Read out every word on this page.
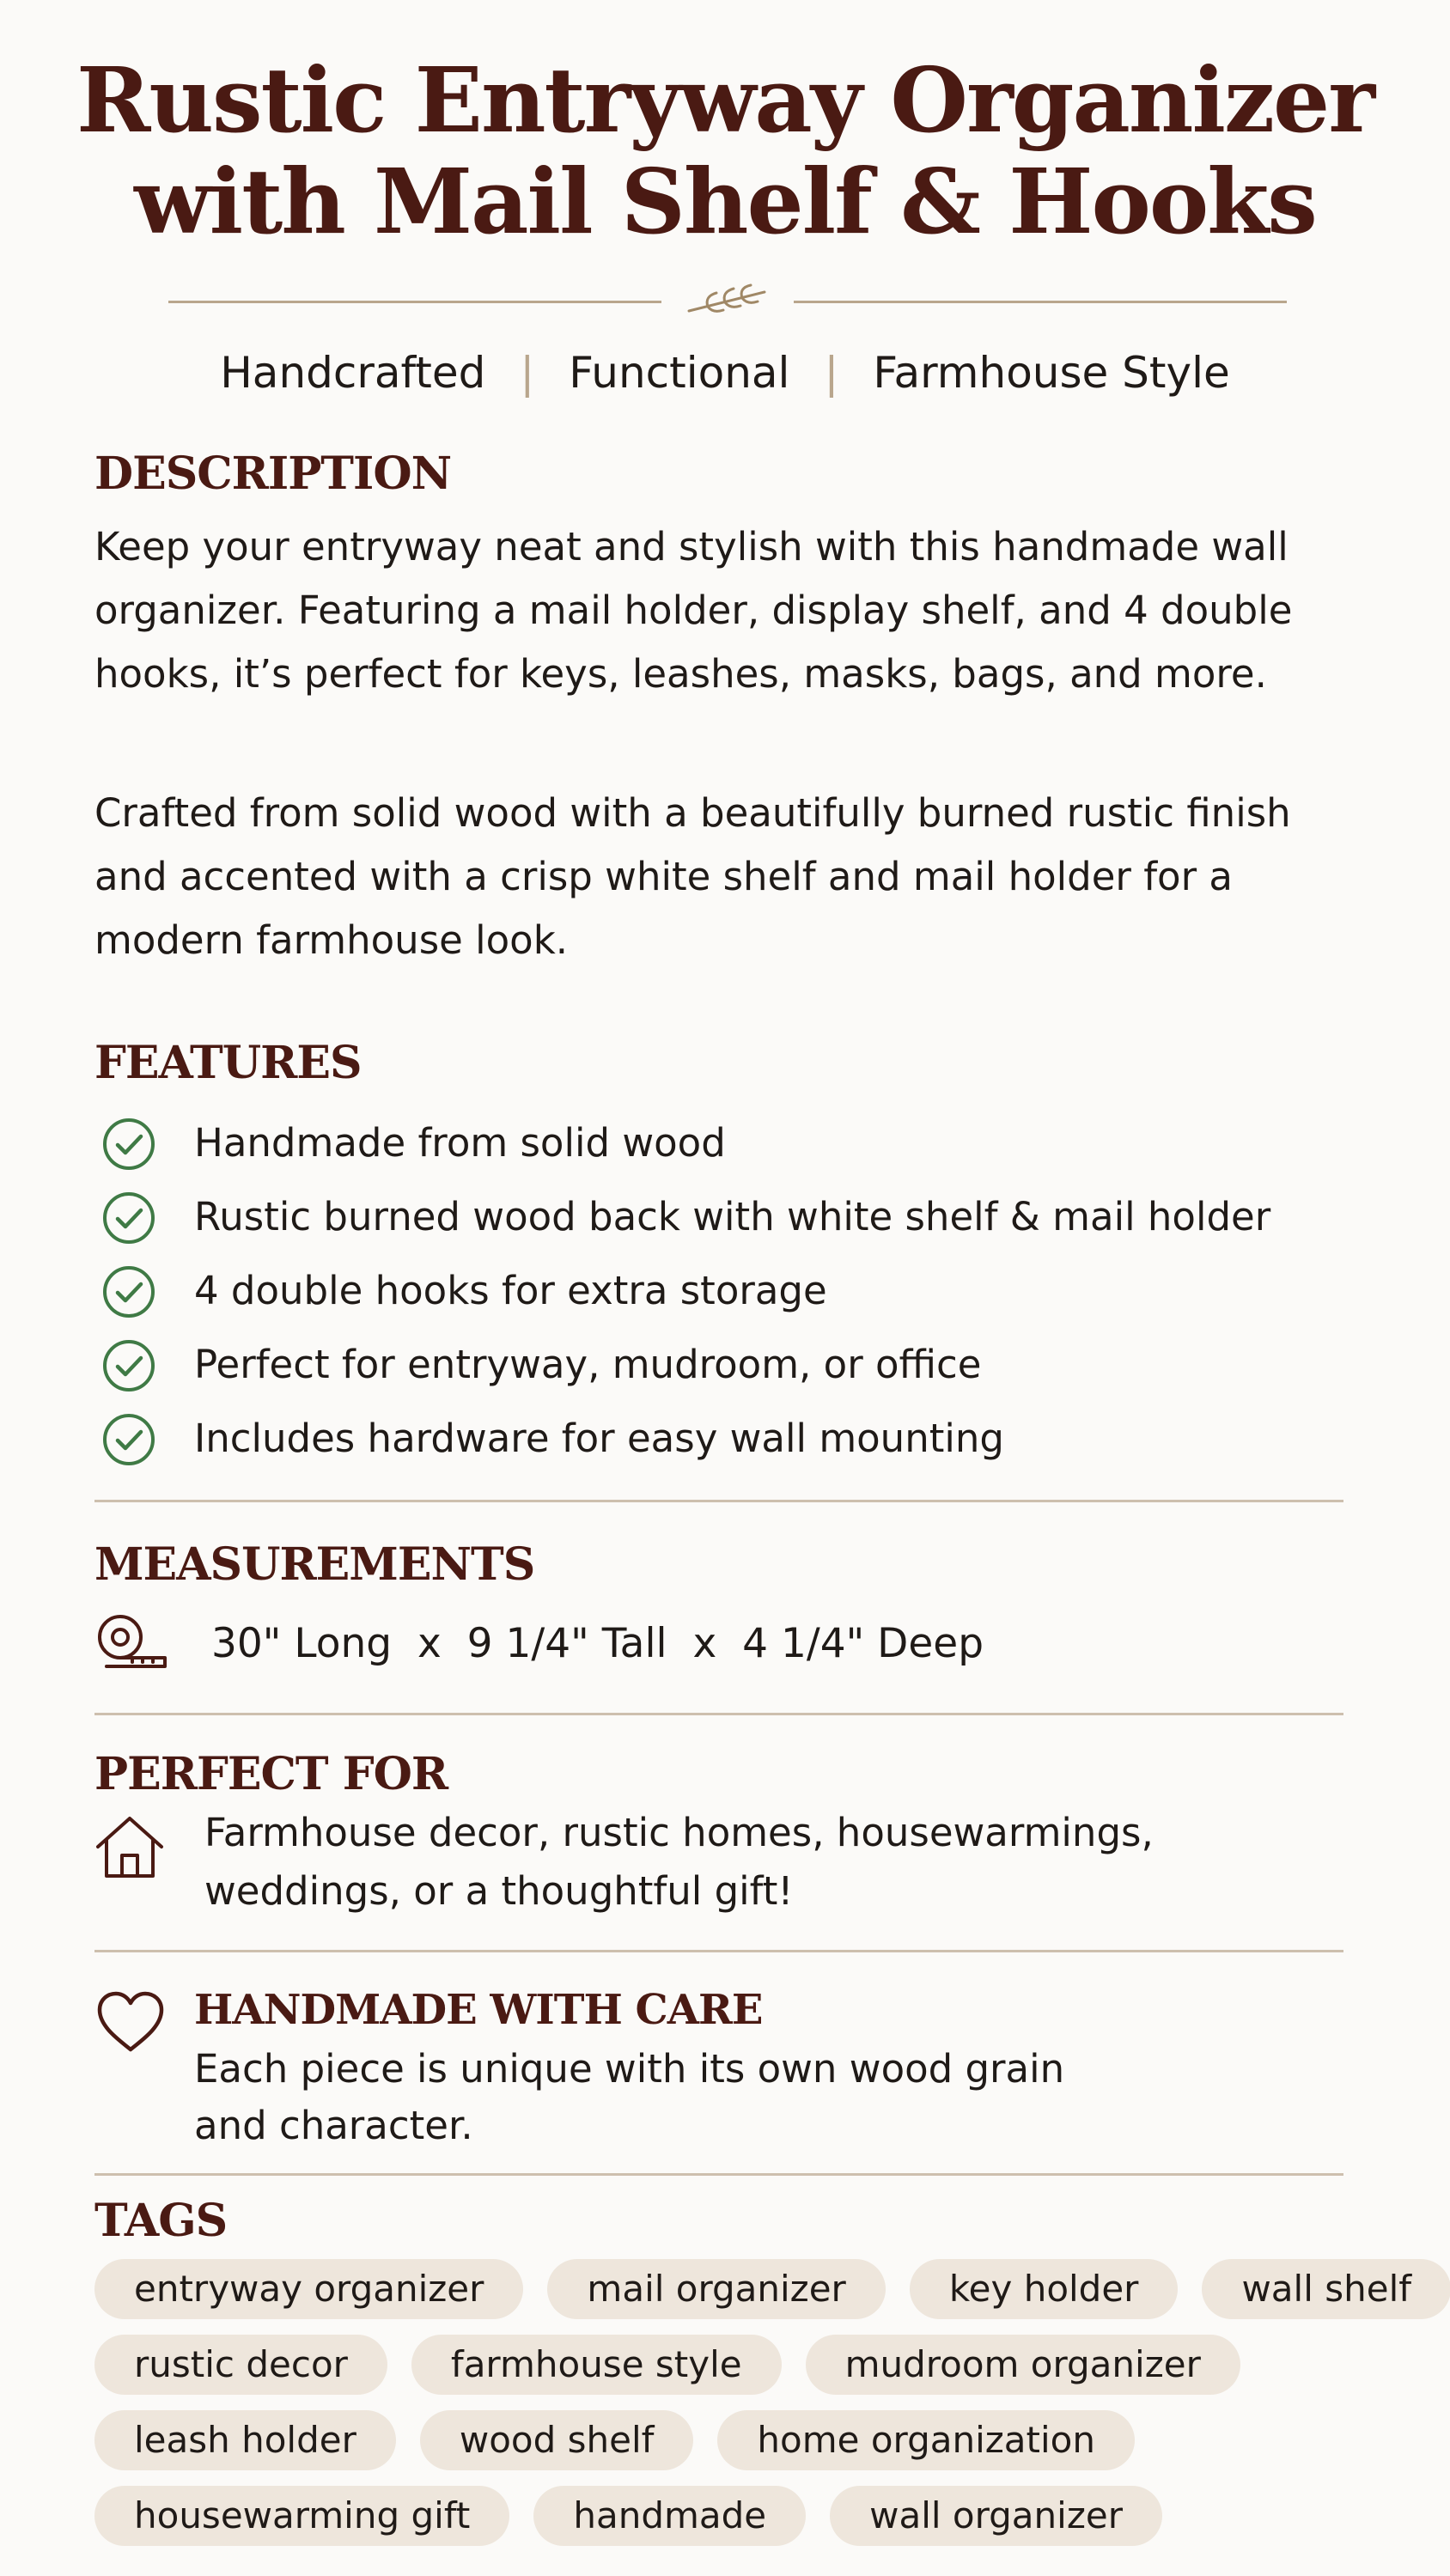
Rustic Entryway Organizer
with Mail Shelf & Hooks
Handcrafted | Functional | Farmhouse Style
DESCRIPTION
Keep your entryway neat and stylish with this handmade wall organizer. Featuring a mail holder, display shelf, and 4 double hooks, it’s perfect for keys, leashes, masks, bags, and more.
Crafted from solid wood with a beautifully burned rustic finish and accented with a crisp white shelf and mail holder for a modern farmhouse look.
FEATURES
Handmade from solid wood
Rustic burned wood back with white shelf & mail holder
4 double hooks for extra storage
Perfect for entryway, mudroom, or office
Includes hardware for easy wall mounting
MEASUREMENTS
30" Long  x  9 1/4" Tall  x  4 1/4" Deep
PERFECT FOR
Farmhouse decor, rustic homes, housewarmings, weddings, or a thoughtful gift!
HANDMADE WITH CARE
Each piece is unique with its own wood grain
and character.
TAGS
entryway organizer	mail organizer	key holder	wall shelf
rustic decor	farmhouse style	mudroom organizer
leash holder	wood shelf	home organization
housewarming gift	handmade	wall organizer
